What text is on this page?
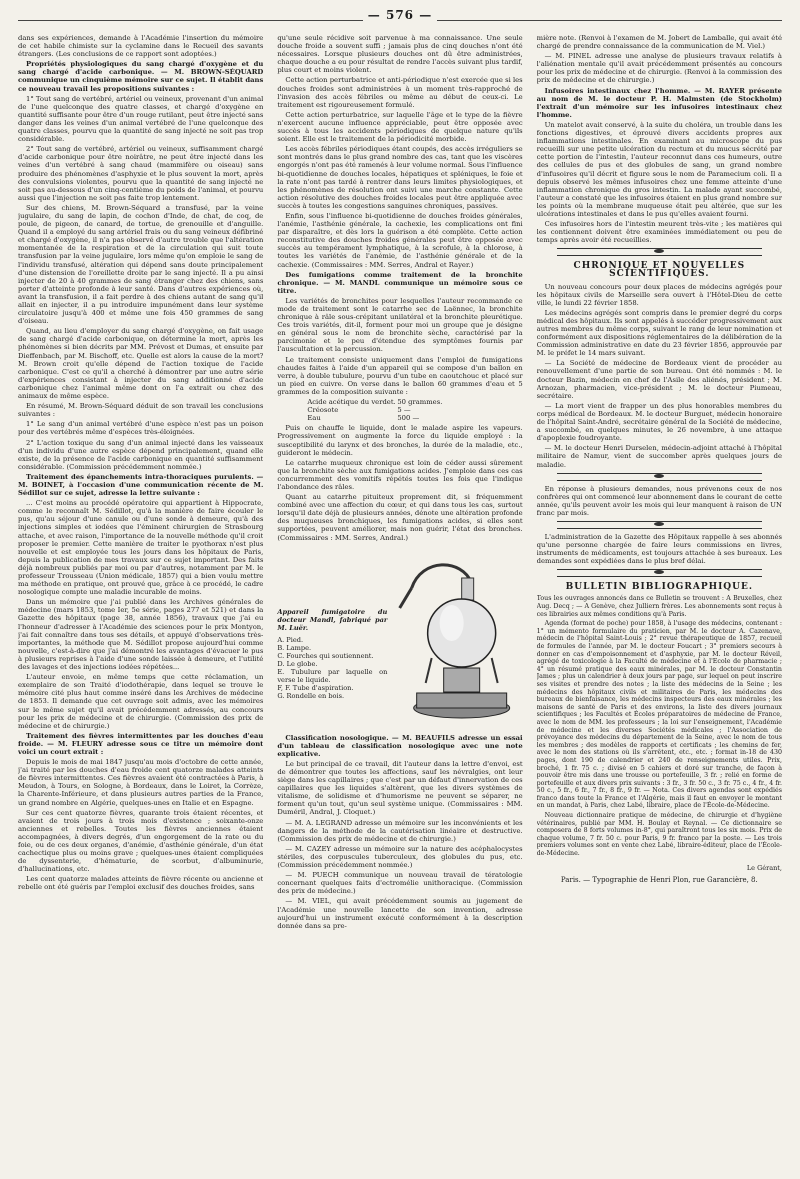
— 576 —

dans ses expériences, demande à l'Académie l'insertion du mémoire de cet habile chimiste sur la cyclamine dans le Recueil des savants étrangers. (Les conclusions de ce rapport sont adoptées.)

Propriétés physiologiques du sang chargé d'oxygène et du sang chargé d'acide carbonique. — M. BROWN-SÉQUARD communique un cinquième mémoire sur ce sujet. Il établit dans ce nouveau travail les propositions suivantes :

1° Tout sang de vertébré, artériel ou veineux, provenant d'un animal de l'une quelconque des quatre classes, et chargé d'oxygène en quantité suffisante pour être d'un rouge rutilant, peut être injecté sans danger dans les veines d'un animal vertébré de l'une quelconque des quatre classes, pourvu que la quantité de sang injecté ne soit pas trop considérable.

2° Tout sang de vertébré, artériel ou veineux, suffisamment chargé d'acide carbonique pour être noirâtre, ne peut être injecté dans les veines d'un vertébré à sang chaud (mammifère ou oiseau) sans produire des phénomènes d'asphyxie et le plus souvent la mort, après des convulsions violentes, pourvu que la quantité de sang injecté ne soit pas au-dessous d'un cinq-centième du poids de l'animal, et pourvu aussi que l'injection ne soit pas faite trop lentement.

Sur des chiens, M. Brown-Séquard a transfusé, par la veine jugulaire, du sang de lapin, de cochon d'Inde, de chat, de coq, de poule, de pigeon, de canard, de tortue, de grenouille et d'anguille. Quand il a employé du sang artériel frais ou du sang veineux défibriné et chargé d'oxygène, il n'a pas observé d'autre trouble que l'altération momentanée de la respiration et de la circulation qui suit toute transfusion par la veine jugulaire, lors même qu'on emploie le sang de l'individu transfusé, altération qui dépend sans doute principalement d'une distension de l'oreillette droite par le sang injecté. Il a pu ainsi injecter de 20 à 40 grammes de sang étranger chez des chiens, sans porter d'atteinte profonde à leur santé. Dans d'autres expériences où, avant la transfusion, il a fait perdre à des chiens autant de sang qu'il allait en injecter, il a pu introduire impunément dans leur système circulatoire jusqu'à 400 et même une fois 450 grammes de sang d'oiseau.

Quand, au lieu d'employer du sang chargé d'oxygène, on fait usage de sang chargé d'acide carbonique, on détermine la mort, après les phénomènes si bien décrits par MM. Prévost et Dumas, et ensuite par Dieffenbach, par M. Bischoff, etc. Quelle est alors la cause de la mort? M. Brown croit qu'elle dépend de l'action toxique de l'acide carbonique. C'est ce qu'il a cherché à démontrer par une autre série d'expériences consistant à injecter du sang additionné d'acide carbonique chez l'animal même dont on l'a extrait ou chez des animaux de même espèce.

En résumé, M. Brown-Séquard déduit de son travail les conclusions suivantes :

1° Le sang d'un animal vertébré d'une espèce n'est pas un poison pour des vertébrés même d'espèces très-éloignées.

2° L'action toxique du sang d'un animal injecté dans les vaisseaux d'un individu d'une autre espèce dépend principalement, quand elle existe, de la présence de l'acide carbonique en quantité suffisamment considérable. (Commission précédemment nommée.)

Traitement des épanchements intra-thoraciques purulents. — M. BOINET, à l'occasion d'une communication récente de M. Sédillot sur ce sujet, adresse la lettre suivante :

... C'est moins au procédé opératoire qui appartient à Hippocrate, comme le reconnaît M. Sédillot, qu'à la manière de faire écouler le pus, qu'au séjour d'une canule ou d'une sonde à demeure, qu'à des injections simples et iodées que l'éminent chirurgien de Strasbourg attache, et avec raison, l'importance de la nouvelle méthode qu'il croit proposer le premier. Cette manière de traiter le pyothorax n'est plus nouvelle et est employée tous les jours dans les hôpitaux de Paris, depuis la publication de mes travaux sur ce sujet important. Des faits déjà nombreux publiés par moi ou par d'autres, notamment par M. le professeur Trousseau (Union médicale, 1857) qui a bien voulu mettre ma méthode en pratique, ont prouvé que, grâce à ce procédé, le cadre nosologique compte une maladie incurable de moins.

Dans un mémoire que j'ai publié dans les Archives générales de médecine (mars 1853, tome Ier, 5e série, pages 277 et 521) et dans la Gazette des hôpitaux (page 38, année 1856), travaux que j'ai eu l'honneur d'adresser à l'Académie des sciences pour le prix Montyon, j'ai fait connaître dans tous ses détails, et appuyé d'observations très-importantes, la méthode que M. Sédillot propose aujourd'hui comme nouvelle, c'est-à-dire que j'ai démontré les avantages d'évacuer le pus à plusieurs reprises à l'aide d'une sonde laissée à demeure, et l'utilité des lavages et des injections iodées répétées...

L'auteur envoie, en même temps que cette réclamation, un exemplaire de son Traité d'iodothérapie, dans lequel se trouve le mémoire cité plus haut comme inséré dans les Archives de médecine de 1853. Il demande que cet ouvrage soit admis, avec les mémoires sur le même sujet qu'il avait précédemment adressés, au concours pour les prix de médecine et de chirurgie. (Commission des prix de médecine et de chirurgie.)

Traitement des fièvres intermittentes par les douches d'eau froide. — M. FLEURY adresse sous ce titre un mémoire dont voici un court extrait :

Depuis le mois de mai 1847 jusqu'au mois d'octobre de cette année, j'ai traité par les douches d'eau froide cent quatorze malades atteints de fièvres intermittentes. Ces fièvres avaient été contractées à Paris, à Meudon, à Tours, en Sologne, à Bordeaux, dans le Loiret, la Corrèze, la Charente-Inférieure, et dans plusieurs autres parties de la France, un grand nombre en Algérie, quelques-unes en Italie et en Espagne.

Sur ces cent quatorze fièvres, quarante trois étaient récentes, et avaient de trois jours à trois mois d'existence ; soixante-onze anciennes et rebelles. Toutes les fièvres anciennes étaient accompagnées, à divers degrés, d'un engorgement de la rate ou du foie, ou de ces deux organes, d'anémie, d'asthénie générale, d'un état cachectique plus ou moins grave ; quelques-unes étaient compliquées de dyssenterie, d'hématurie, de scorbut, d'albuminurie, d'hallucinations, etc.

Les cent quatorze malades atteints de fièvre récente ou ancienne et rebelle ont été guéris par l'emploi exclusif des douches froides, sans

qu'une seule récidive soit parvenue à ma connaissance. Une seule douche froide a souvent suffi ; jamais plus de cinq douches n'ont été nécessaires. Lorsque plusieurs douches ont dû être administrées, chaque douche a eu pour résultat de rendre l'accès suivant plus tardif, plus court et moins violent.

Cette action perturbatrice et anti-périodique n'est exercée que si les douches froides sont administrées à un moment très-rapproché de l'invasion des accès fébriles ou même au début de ceux-ci. Le traitement est rigoureusement formulé.

Cette action perturbatrice, sur laquelle l'âge et le type de la fièvre n'exercent aucune influence appréciable, peut être opposée avec succès à tous les accidents périodiques de quelque nature qu'ils soient. Elle est le traitement de la périodicité morbide.

Les accès fébriles périodiques étant coupés, des accès irréguliers se sont montrés dans le plus grand nombre des cas, tant que les viscères engorgés n'ont pas été ramenés à leur volume normal. Sous l'influence bi-quotidienne de douches locales, hépatiques et spléniques, le foie et la rate n'ont pas tardé à rentrer dans leurs limites physiologiques, et les phénomènes de résolution ont suivi une marche constante. Cette action résolutive des douches froides locales peut être appliquée avec succès à toutes les congestions sanguines chroniques, passives.

Enfin, sous l'influence bi-quotidienne de douches froides générales, l'anémie, l'asthénie générale, la cachexie, les complications ont fini par disparaître, et dès lors la guérison a été complète. Cette action reconstitutive des douches froides générales peut être opposée avec succès au tempérament lymphatique, à la scrofule, à la chlorose, à toutes les variétés de l'anémie, de l'asthénie générale et de la cachexie. (Commissaires : MM. Serres, Andral et Rayer.)

Des fumigations comme traitement de la bronchite chronique. — M. MANDL communique un mémoire sous ce titre.

Les variétés de bronchites pour lesquelles l'auteur recommande ce mode de traitement sont le catarrhe sec de Laënnec, la bronchite chronique à râle sous-crépitant unilatéral et la bronchite pleurétique. Ces trois variétés, dit-il, forment pour moi un groupe que je désigne en général sous le nom de bronchite sèche, caractérisé par la parcimonie et le peu d'étendue des symptômes fournis par l'auscultation et la percussion.

Le traitement consiste uniquement dans l'emploi de fumigations chaudes faites à l'aide d'un appareil qui se compose d'un ballon en verre, à double tubulure, pourvu d'un tube en caoutchouc et placé sur un pied en cuivre. On verse dans le ballon 60 grammes d'eau et 5 grammes de la composition suivante :

Acide acétique du verdet. 50 grammes.
Créosote	5 —
Eau	500 —

Puis on chauffe le liquide, dont le malade aspire les vapeurs. Progressivement on augmente la force du liquide employé : la susceptibilité du larynx et des bronches, la durée de la maladie, etc., guideront le médecin.

Le catarrhe muqueux chronique est loin de céder aussi sûrement que la bronchite sèche aux fumigations acides. J'emploie dans ces cas concurremment des vomitifs répétés toutes les fois que l'indique l'abondance des râles.

Quant au catarrhe pituiteux proprement dit, si fréquemment combiné avec une affection du cœur, et qui dans tous les cas, surtout lorsqu'il date déjà de plusieurs années, dénote une altération profonde des muqueuses bronchiques, les fumigations acides, si elles sont supportées, peuvent améliorer, mais non guérir, l'état des bronches. (Commissaires : MM. Serres, Andral.)

Appareil fumigatoire du docteur Mandl, fabriqué par M. Luër.
A. Pied.
B. Lampe.
C. Fourches qui soutiennent.
D. Le globe.
E. Tubulure par laquelle on verse le liquide.
F, F. Tube d'aspiration.
G. Rondelle en bois.

Classification nosologique. — M. BEAUFILS adresse un essai d'un tableau de classification nosologique avec une note explicative.

Le but principal de ce travail, dit l'auteur dans la lettre d'envoi, est de démontrer que toutes les affections, sauf les névralgies, ont leur siège dans les capillaires ; que c'est par un défaut d'innervation de ces capillaires que les liquides s'altèrent, que les divers systèmes de vitalisme, de solidisme et d'humorisme ne peuvent se séparer, ne forment qu'un tout, qu'un seul système unique. (Commissaires : MM. Duméril, Andral, J. Cloquet.)

— M. A. LEGRAND adresse un mémoire sur les inconvénients et les dangers de la méthode de la cautérisation linéaire et destructive. (Commission des prix de médecine et de chirurgie.)

— M. CAZEY adresse un mémoire sur la nature des acéphalocystes stériles, des corpuscules tuberculeux, des globules du pus, etc. (Commission précédemment nommée.)

— M. PUECH communique un nouveau travail de tératologie concernant quelques faits d'ectromélie unithoracique. (Commission des prix de médecine.)

— M. VIEL, qui avait précédemment soumis au jugement de l'Académie une nouvelle lancette de son invention, adresse aujourd'hui un instrument exécuté conformément à la description donnée dans sa pre-

mière note. (Renvoi à l'examen de M. Jobert de Lamballe, qui avait été chargé de prendre connaissance de la communication de M. Viel.)

— M. PINEL adresse une analyse de plusieurs travaux relatifs à l'aliénation mentale qu'il avait précédemment présentés au concours pour les prix de médecine et de chirurgie. (Renvoi à la commission des prix de médecine et de chirurgie.)

Infusoires intestinaux chez l'homme. — M. RAYER présente au nom de M. le docteur P. H. Malmsten (de Stockholm) l'extrait d'un mémoire sur les infusoires intestinaux chez l'homme.

Un matelot avait conservé, à la suite du choléra, un trouble dans les fonctions digestives, et éprouvé divers accidents propres aux inflammations intestinales. En examinant au microscope du pus recueilli sur une petite ulcération du rectum et du mucus sécrété par cette portion de l'intestin, l'auteur reconnut dans ces humeurs, outre des cellules de pus et des globules de sang, un grand nombre d'infusoires qu'il décrit et figure sous le nom de Paramecium coli. Il a depuis observé les mêmes infusoires chez une femme atteinte d'une inflammation chronique du gros intestin. La malade ayant succombé, l'auteur a constaté que les infusoires étaient en plus grand nombre sur les points où la membrane muqueuse était peu altérée, que sur les ulcérations intestinales et dans le pus qu'elles avaient fourni.

Ces infusoires hors de l'intestin meurent très-vite ; les matières qui les contiennent doivent être examinées immédiatement ou peu de temps après avoir été recueillies.

CHRONIQUE ET NOUVELLES SCIENTIFIQUES.

Un nouveau concours pour deux places de médecins agrégés pour les hôpitaux civils de Marseille sera ouvert à l'Hôtel-Dieu de cette ville, le lundi 22 février 1858.

Les médecins agrégés sont compris dans le premier degré du corps médical des hôpitaux. Ils sont appelés à succéder progressivement aux autres membres du même corps, suivant le rang de leur nomination et conformément aux dispositions réglementaires de la délibération de la Commission administrative en date du 23 février 1856, approuvée par M. le préfet le 14 mars suivant.

— La Société de médecine de Bordeaux vient de procéder au renouvellement d'une partie de son bureau. Ont été nommés : M. le docteur Bazin, médecin en chef de l'Asile des aliénés, président ; M. Arnozan, pharmacien, vice-président ; M. le docteur Piumeau, secrétaire.

— La mort vient de frapper un des plus honorables membres du corps médical de Bordeaux. M. le docteur Burguet, médecin honoraire de l'hôpital Saint-André, secrétaire général de la Société de médecine, a succombé, en quelques minutes, le 26 novembre, à une attaque d'apoplexie foudroyante.

— M. le docteur Henri Durselen, médecin-adjoint attaché à l'hôpital militaire de Namur, vient de succomber après quelques jours de maladie.

En réponse à plusieurs demandes, nous prévenons ceux de nos confrères qui ont commencé leur abonnement dans le courant de cette année, qu'ils peuvent avoir les mois qui leur manquent à raison de UN franc par mois.

L'administration de la Gazette des Hôpitaux rappelle à ses abonnés qu'une personne chargée de faire leurs commissions en livres, instruments de médicaments, est toujours attachée à ses bureaux. Les demandes sont expédiées dans le plus bref délai.

BULLETIN BIBLIOGRAPHIQUE.

Tous les ouvrages annoncés dans ce Bulletin se trouvent : A Bruxelles, chez Aug. Decq ; — A Genève, chez Julliern frères. Les abonnements sont reçus à ces librairies aux mêmes conditions qu'à Paris.

Agenda (format de poche) pour 1858, à l'usage des médecins, contenant : 1° un mémento formulaire du praticien, par M. le docteur A. Cazenave, médecin de l'hôpital Saint-Louis ; 2° revue thérapeutique de 1857, recueil de formules de l'année, par M. le docteur Foucart ; 3° premiers secours à donner en cas d'empoisonnement et d'asphyxie, par M. le docteur Réveil, agrégé de toxicologie à la Faculté de médecine et à l'Ecole de pharmacie ; 4° un résumé pratique des eaux minérales, par M. le docteur Constantin James ; plus un calendrier à deux jours par page, sur lequel on peut inscrire ses visites et prendre des notes ; la liste des médecins de la Seine ; les médecins des hôpitaux civils et militaires de Paris, les médecins des bureaux de bienfaisance, les médecins inspecteurs des eaux minérales ; les maisons de santé de Paris et des environs, la liste des divers journaux scientifiques ; les Facultés et Écoles préparatoires de médecine de France, avec le nom de MM. les professeurs ; la loi sur l'enseignement, l'Académie de médecine et les diverses Sociétés médicales ; l'Association de prévoyance des médecins du département de la Seine, avec le nom de tous les membres ; des modèles de rapports et certificats ; les chemins de fer, avec le nom des stations où ils s'arrêtent, etc., etc. ; format in-18 de 430 pages, dont 190 de calendrier et 240 de renseignements utiles. Prix, broché, 1 fr. 75 c. ; divisé en 5 cahiers et doré sur tranche, de façon à pouvoir être mis dans une trousse ou portefeuille, 3 fr. ; relié en forme de portefeuille et aux divers prix suivants : 3 fr., 3 fr. 50 c., 3 fr. 75 c., 4 fr., 4 fr. 50 c., 5 fr., 6 fr., 7 fr., 8 fr., 9 fr. — Nota. Ces divers agendas sont expédiés franco dans toute la France et l'Algérie, mais il faut en envoyer le montant en un mandat, à Paris, chez Labé, libraire, place de l'École-de-Médecine.

Nouveau dictionnaire pratique de médecine, de chirurgie et d'hygiène vétérinaires, publié par MM. H. Boulay et Reynal. — Ce dictionnaire se composera de 8 forts volumes in-8°, qui paraîtront tous les six mois. Prix de chaque volume, 7 fr. 50 c. pour Paris, 9 fr. franco par la poste. — Les trois premiers volumes sont en vente chez Labé, libraire-éditeur, place de l'École-de-Médecine.

Le Gérant,
Paris. — Typographie de Henri Plon, rue Garancière, 8.
